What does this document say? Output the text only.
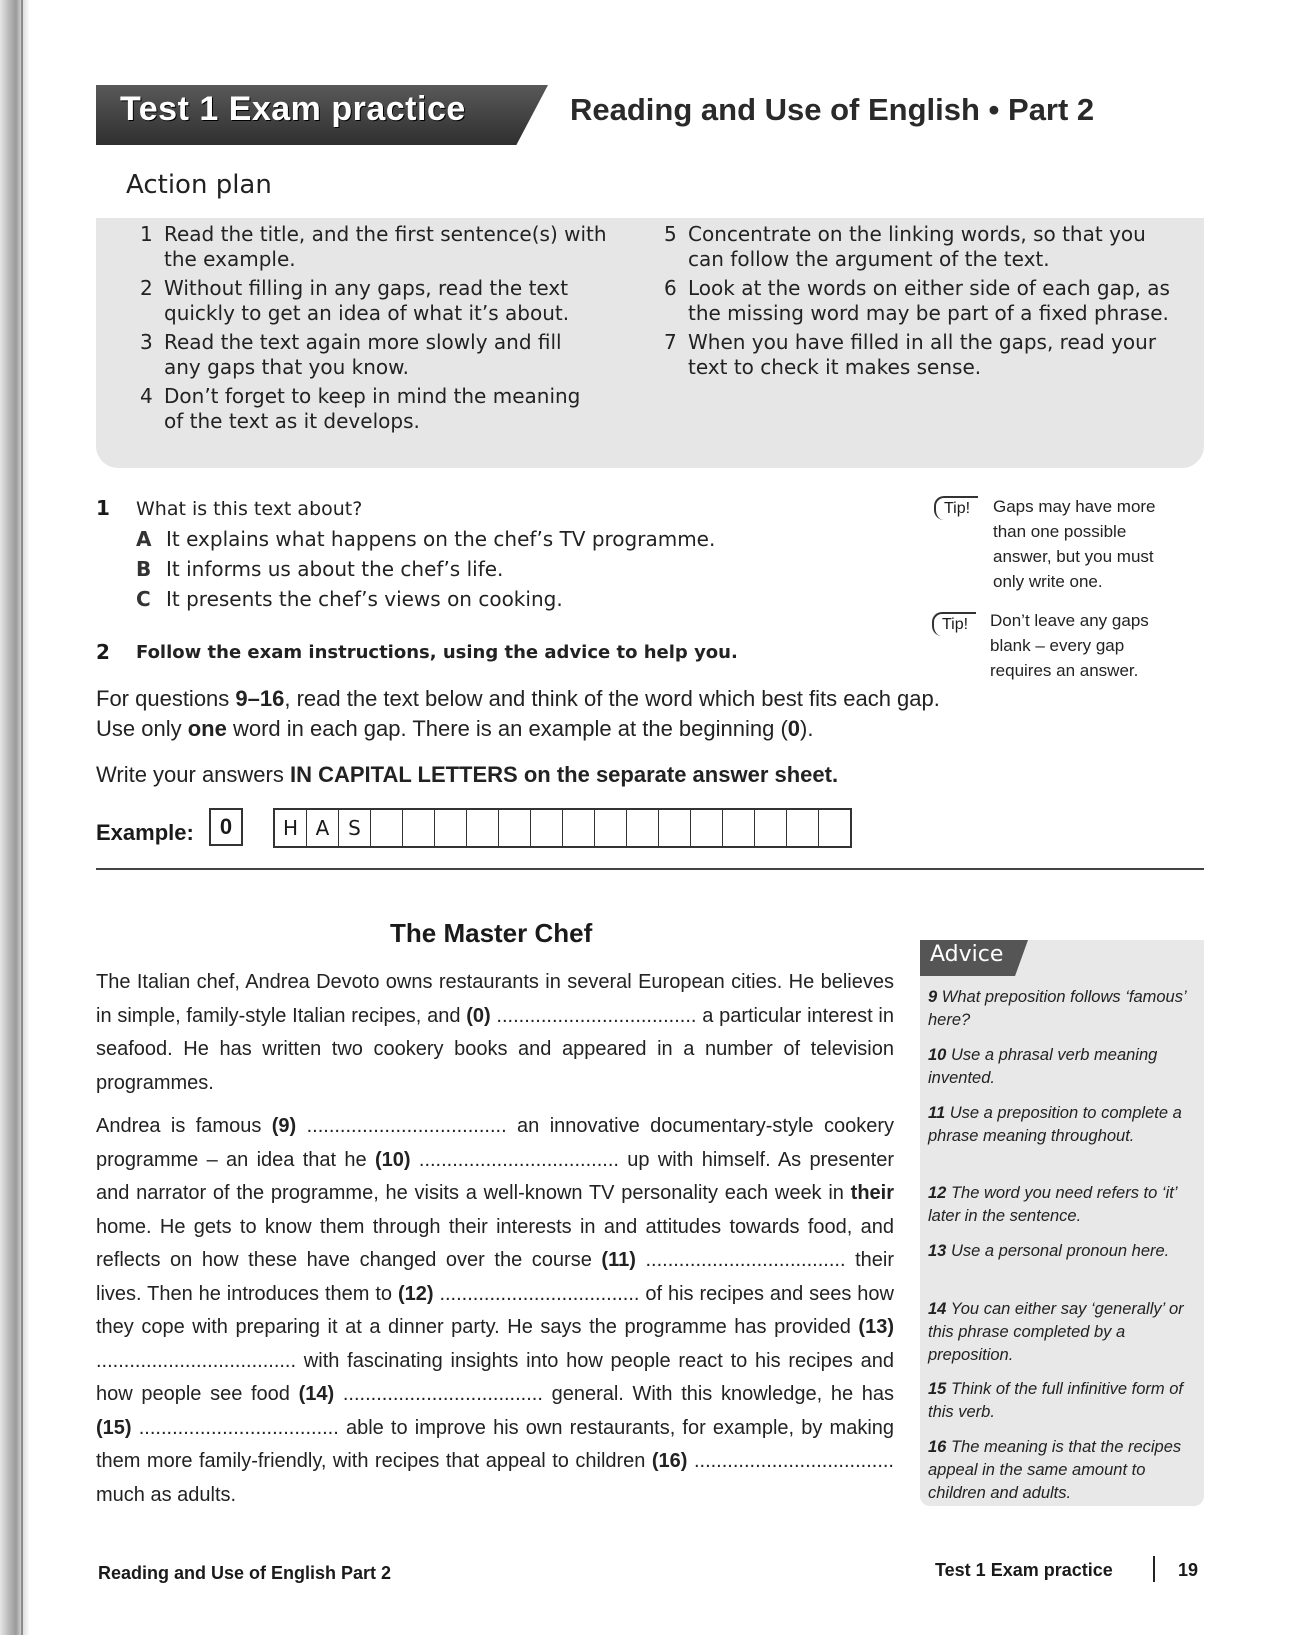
Test 1 Exam practice	Reading and Use of English • Part 2
Action plan
1 Read the title, and the first sentence(s) with the example.
2 Without filling in any gaps, read the text quickly to get an idea of what it’s about.
3 Read the text again more slowly and fill any gaps that you know.
4 Don’t forget to keep in mind the meaning of the text as it develops.
5 Concentrate on the linking words, so that you can follow the argument of the text.
6 Look at the words on either side of each gap, as the missing word may be part of a fixed phrase.
7 When you have filled in all the gaps, read your text to check it makes sense.
1 What is this text about?
A It explains what happens on the chef’s TV programme.
B It informs us about the chef’s life.
C It presents the chef’s views on cooking.
2 Follow the exam instructions, using the advice to help you.
Tip!	Gaps may have more than one possible answer, but you must only write one.
Tip!	Don’t leave any gaps blank – every gap requires an answer.
For questions 9–16, read the text below and think of the word which best fits each gap. Use only one word in each gap. There is an example at the beginning (0).
Write your answers IN CAPITAL LETTERS on the separate answer sheet.
Example:	0	H A S
The Master Chef
The Italian chef, Andrea Devoto owns restaurants in several European cities. He believes in simple, family-style Italian recipes, and (0) .................................... a particular interest in seafood. He has written two cookery books and appeared in a number of television programmes.
Andrea is famous (9) .................................... an innovative documentary-style cookery programme – an idea that he (10) .................................... up with himself. As presenter and narrator of the programme, he visits a well-known TV personality each week in their home. He gets to know them through their interests in and attitudes towards food, and reflects on how these have changed over the course (11) .................................... their lives. Then he introduces them to (12) .................................... of his recipes and sees how they cope with preparing it at a dinner party. He says the programme has provided (13) .................................... with fascinating insights into how people react to his recipes and how people see food (14) .................................... general. With this knowledge, he has (15) .................................... able to improve his own restaurants, for example, by making them more family-friendly, with recipes that appeal to children (16) .................................... much as adults.
Advice
9 What preposition follows ‘famous’ here?
10 Use a phrasal verb meaning invented.
11 Use a preposition to complete a phrase meaning throughout.
12 The word you need refers to ‘it’ later in the sentence.
13 Use a personal pronoun here.
14 You can either say ‘generally’ or this phrase completed by a preposition.
15 Think of the full infinitive form of this verb.
16 The meaning is that the recipes appeal in the same amount to children and adults.
Reading and Use of English Part 2	Test 1 Exam practice	19
